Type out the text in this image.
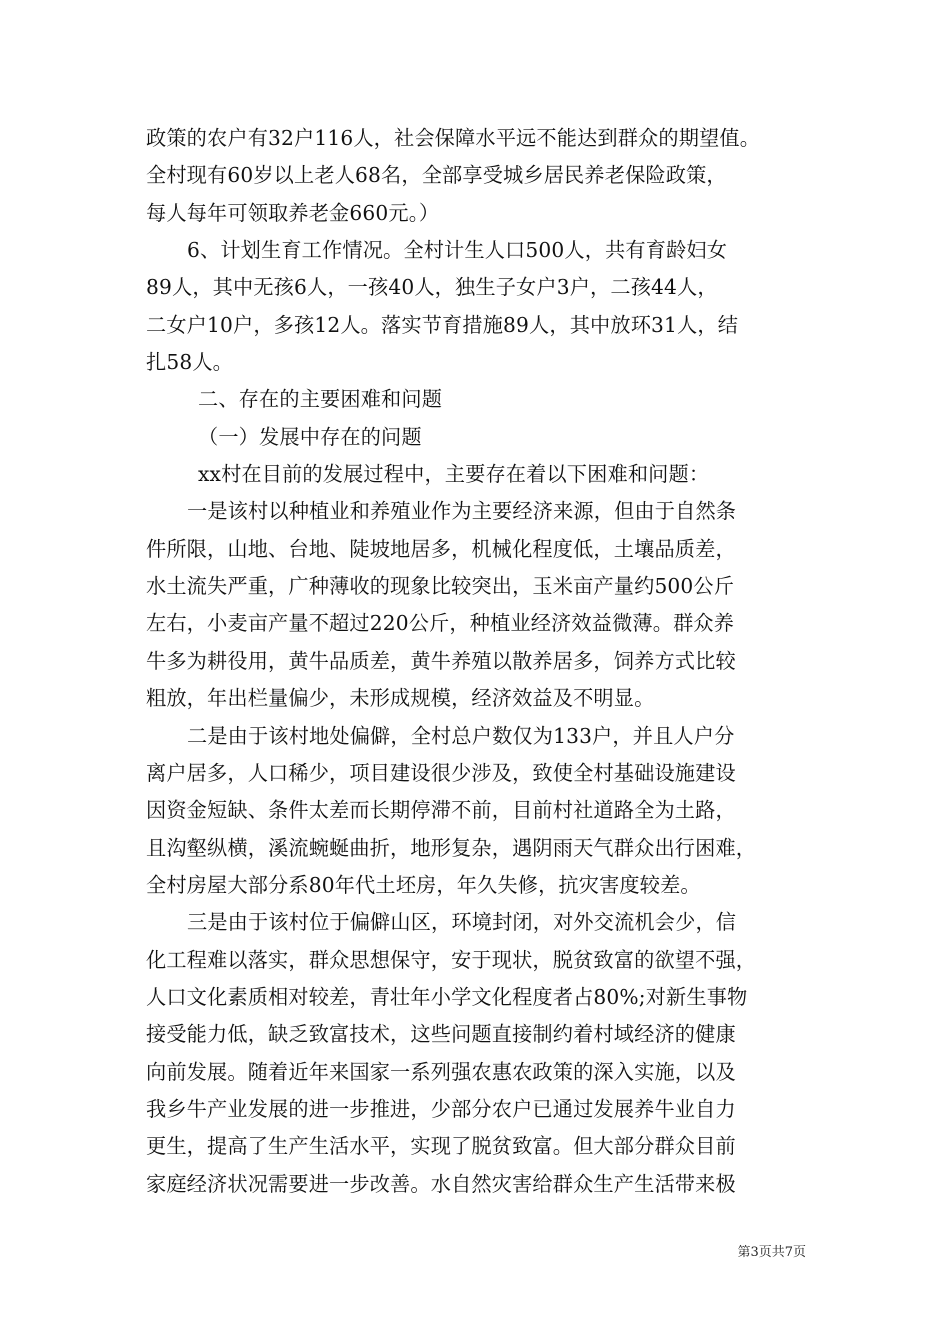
政策的农户有32户116人，社会保障水平远不能达到群众的期望值。
全村现有60岁以上老人68名，全部享受城乡居民养老保险政策，
每人每年可领取养老金660元。）
6、计划生育工作情况。全村计生人口500人，共有育龄妇女
89人，其中无孩6人，一孩40人，独生子女户3户，二孩44人，
二女户10户，多孩12人。落实节育措施89人，其中放环31人，结
扎58人。
二、存在的主要困难和问题
（一）发展中存在的问题
xx村在目前的发展过程中，主要存在着以下困难和问题：
一是该村以种植业和养殖业作为主要经济来源，但由于自然条
件所限，山地、台地、陡坡地居多，机械化程度低，土壤品质差，
水土流失严重，广种薄收的现象比较突出，玉米亩产量约500公斤
左右，小麦亩产量不超过220公斤，种植业经济效益微薄。群众养
牛多为耕役用，黄牛品质差，黄牛养殖以散养居多，饲养方式比较
粗放，年出栏量偏少，未形成规模，经济效益及不明显。
二是由于该村地处偏僻，全村总户数仅为133户，并且人户分
离户居多，人口稀少，项目建设很少涉及，致使全村基础设施建设
因资金短缺、条件太差而长期停滞不前，目前村社道路全为土路，
且沟壑纵横，溪流蜿蜒曲折，地形复杂，遇阴雨天气群众出行困难，
全村房屋大部分系80年代土坯房，年久失修，抗灾害度较差。
三是由于该村位于偏僻山区，环境封闭，对外交流机会少，信
化工程难以落实，群众思想保守，安于现状，脱贫致富的欲望不强，
人口文化素质相对较差，青壮年小学文化程度者占80%;对新生事物
接受能力低，缺乏致富技术，这些问题直接制约着村域经济的健康
向前发展。随着近年来国家一系列强农惠农政策的深入实施，以及
我乡牛产业发展的进一步推进，少部分农户已通过发展养牛业自力
更生，提高了生产生活水平，实现了脱贫致富。但大部分群众目前
家庭经济状况需要进一步改善。水自然灾害给群众生产生活带来极
第3页共7页
